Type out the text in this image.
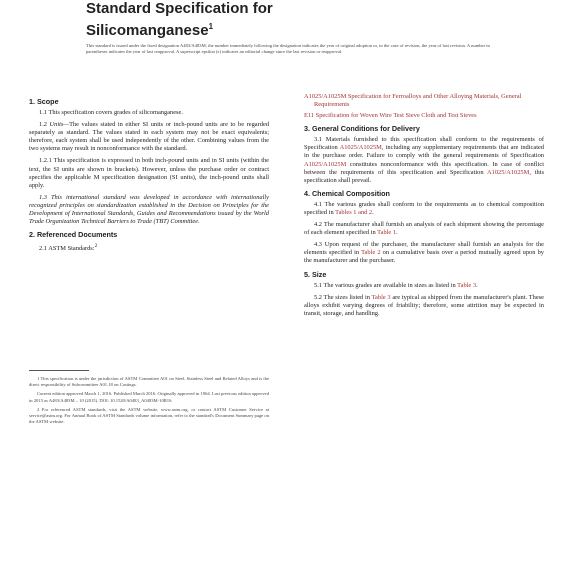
Standard Specification for
Silicomanganese$^1$
This standard is issued under the fixed designation A483/A483M; the number immediately following the designation indicates the year of original adoption or, in the case of revision, the year of last revision. A number in parentheses indicates the year of last reapproval. A superscript epsilon (ε) indicates an editorial change since the last revision or reapproval.
1. Scope

1.1 This specification covers grades of silicomanganese.

1.2 Units—The values stated in either SI units or inch-pound units are to be regarded separately as standard. The values stated in each system may not be exact equivalents; therefore, each system shall be used independently of the other. Combining values from the two systems may result in nonconformance with the standard.

1.2.1 This specification is expressed in both inch-pound units and in SI units (within the text, the SI units are shown in brackets). However, unless the purchase order or contract specifies the applicable M specification designation (SI units), the inch-pound units shall apply.

1.3 This international standard was developed in accordance with internationally recognized principles on standardization established in the Decision on Principles for the Development of International Standards, Guides and Recommendations issued by the World Trade Organization Technical Barriers to Trade (TBT) Committee.

2. Referenced Documents

2.1 ASTM Standards:$^2$

1 This specification is under the jurisdiction of ASTM Committee A01 on Steel, Stainless Steel and Related Alloys and is the direct responsibility of Subcommittee A01.18 on Castings.

Current edition approved March 1, 2016. Published March 2016. Originally approved in 1964. Last previous edition approved in 2015 as A483/A483M – 10 (2015). DOI: 10.1520/A0483_A0483M-10R16.

2 For referenced ASTM standards, visit the ASTM website, www.astm.org, or contact ASTM Customer Service at service@astm.org. For Annual Book of ASTM Standards volume information, refer to the standard's Document Summary page on the ASTM website.

A1025/A1025M Specification for Ferroalloys and Other Alloying Materials, General Requirements

E11 Specification for Woven Wire Test Sieve Cloth and Test Sieves

3. General Conditions for Delivery

3.1 Materials furnished to this specification shall conform to the requirements of Specification A1025/A1025M, including any supplementary requirements that are indicated in the purchase order. Failure to comply with the general requirements of Specification A1025/A1025M constitutes nonconformance with this specification. In case of conflict between the requirements of this specification and Specification A1025/A1025M, this specification shall prevail.

4. Chemical Composition

4.1 The various grades shall conform to the requirements as to chemical composition specified in Tables 1 and 2.

4.2 The manufacturer shall furnish an analysis of each shipment showing the percentage of each element specified in Table 1.

4.3 Upon request of the purchaser, the manufacturer shall furnish an analysis for the elements specified in Table 2 on a cumulative basis over a period mutually agreed upon by the manufacturer and the purchaser.

5. Size

5.1 The various grades are available in sizes as listed in Table 3.

5.2 The sizes listed in Table 3 are typical as shipped from the manufacturer's plant. These alloys exhibit varying degrees of friability; therefore, some attrition may be expected in transit, storage, and handling.
